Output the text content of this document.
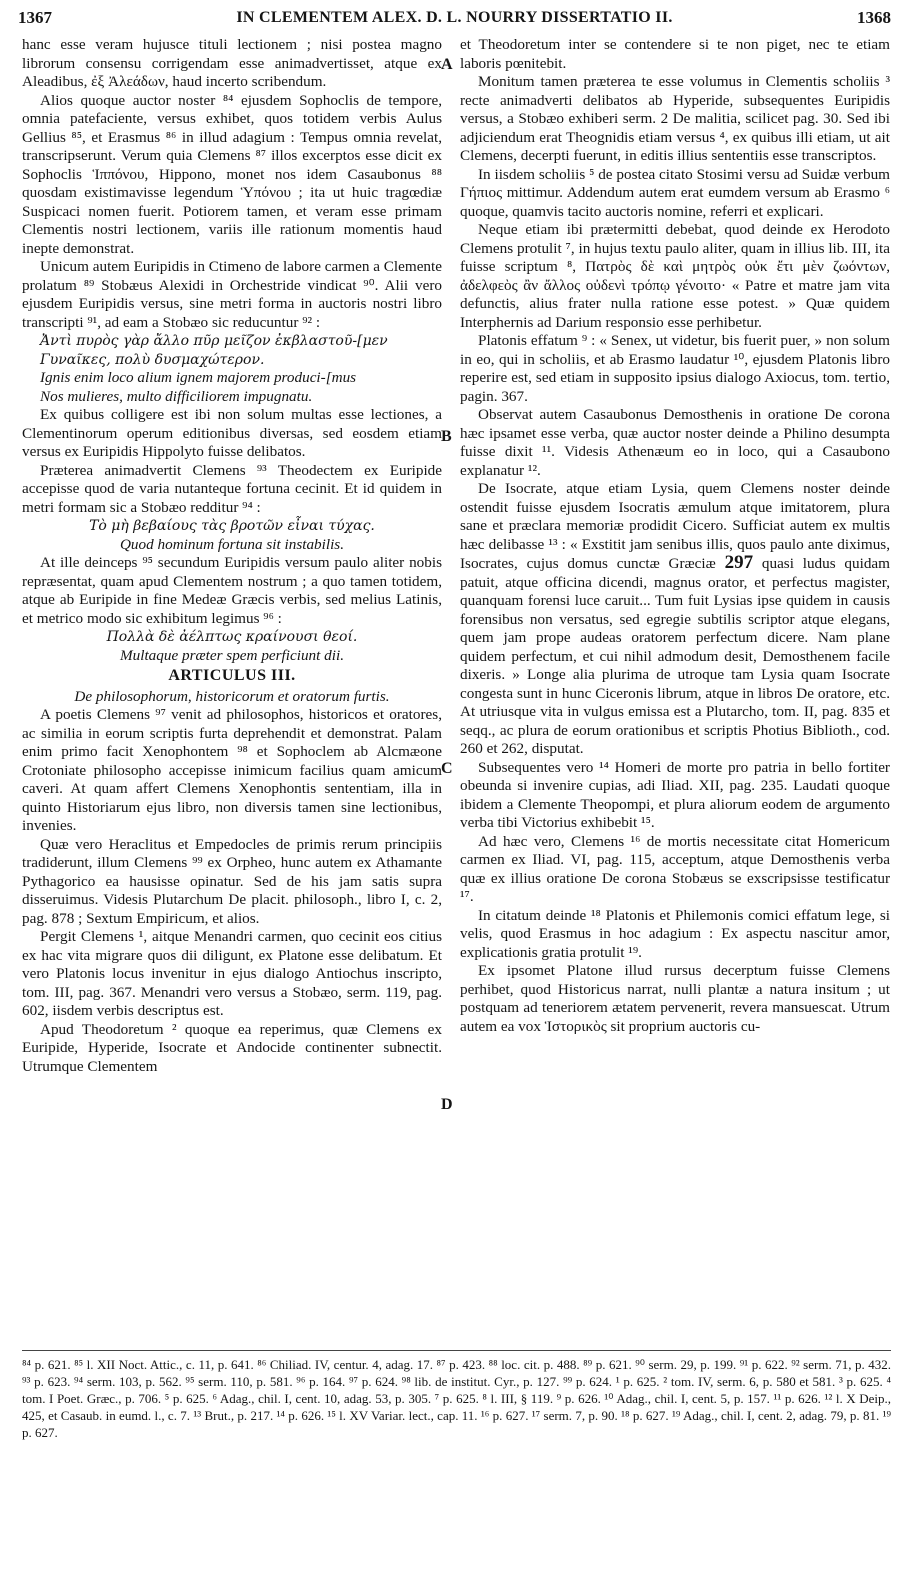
1367	IN CLEMENTEM ALEX. D. L. NOURRY DISSERTATIO II.	1368

hanc esse veram hujusce tituli lectionem ; nisi postea magno librorum consensu corrigendam esse animadvertisset, atque ex Aleadibus, ἐξ Ἀλεάδων, haud incerto scribendum.

Alios quoque auctor noster ⁸⁴ ejusdem Sophoclis de tempore, omnia patefaciente, versus exhibet, quos totidem verbis Aulus Gellius ⁸⁵, et Erasmus ⁸⁶ in illud adagium : Tempus omnia revelat, transcripserunt. Verum quia Clemens ⁸⁷ illos excerptos esse dicit ex Sophoclis Ἱππόνου, Hippono, monet nos idem Casaubonus ⁸⁸ quosdam existimavisse legendum Ὑπόνου ; ita ut huic tragœdiæ Suspicaci nomen fuerit. Potiorem tamen, et veram esse primam Clementis nostri lectionem, variis ille rationum momentis haud inepte demonstrat.

Unicum autem Euripidis in Ctimeno de labore carmen a Clemente prolatum ⁸⁹ Stobæus Alexidi in Orchestride vindicat ⁹⁰. Alii vero ejusdem Euripidis versus, sine metri forma in auctoris nostri libro transcripti ⁹¹, ad eam a Stobæo sic reducuntur ⁹² :

Ἀντὶ πυρὸς γὰρ ἄλλο πῦρ μεῖζον ἐκβλαστοῦ-[μεν

Γυναῖκες, πολὺ δυσμαχώτερον.

Ignis enim loco alium ignem majorem produci-[mus

Nos mulieres, multo difficiliorem impugnatu.

Ex quibus colligere est ibi non solum multas esse lectiones, a Clementinorum operum editionibus diversas, sed eosdem etiam versus ex Euripidis Hippolyto fuisse delibatos.

Præterea animadvertit Clemens ⁹³ Theodectem ex Euripide accepisse quod de varia nutanteque fortuna cecinit. Et id quidem in metri formam sic a Stobæo redditur ⁹⁴ :

Τὸ μὴ βεβαίους τὰς βροτῶν εἶναι τύχας.

Quod hominum fortuna sit instabilis.

At ille deinceps ⁹⁵ secundum Euripidis versum paulo aliter nobis repræsentat, quam apud Clementem nostrum ; a quo tamen totidem, atque ab Euripide in fine Medeæ Græcis verbis, sed melius Latinis, et metrico modo sic exhibitum legimus ⁹⁶ :

Πολλὰ δὲ ἀέλπτως κραίνουσι θεοί.

Multaque præter spem perficiunt dii.

ARTICULUS III.

De philosophorum, historicorum et oratorum furtis.

A poetis Clemens ⁹⁷ venit ad philosophos, historicos et oratores, ac similia in eorum scriptis furta deprehendit et demonstrat. Palam enim primo facit Xenophontem ⁹⁸ et Sophoclem ab Alcmæone Crotoniate philosopho accepisse inimicum facilius quam amicum caveri. At quam affert Clemens Xenophontis sententiam, illa in quinto Historiarum ejus libro, non diversis tamen sine lectionibus, invenies.

Quæ vero Heraclitus et Empedocles de primis rerum principiis tradiderunt, illum Clemens ⁹⁹ ex Orpheo, hunc autem ex Athamante Pythagorico ea hausisse opinatur. Sed de his jam satis supra disseruimus. Videsis Plutarchum De placit. philosoph., libro I, c. 2, pag. 878 ; Sextum Empiricum, et alios.

Pergit Clemens ¹, aitque Menandri carmen, quo cecinit eos citius ex hac vita migrare quos dii diligunt, ex Platone esse delibatum. Et vero Platonis locus invenitur in ejus dialogo Antiochus inscripto, tom. III, pag. 367. Menandri vero versus a Stobæo, serm. 119, pag. 602, iisdem verbis descriptus est.

Apud Theodoretum ² quoque ea reperimus, quæ Clemens ex Euripide, Hyperide, Isocrate et Andocide continenter subnectit. Utrumque Clementem

A
B
C
D

et Theodoretum inter se contendere si te non piget, nec te etiam laboris pœnitebit.

Monitum tamen præterea te esse volumus in Clementis scholiis ³ recte animadverti delibatos ab Hyperide, subsequentes Euripidis versus, a Stobæo exhiberi serm. 2 De malitia, scilicet pag. 30. Sed ibi adjiciendum erat Theognidis etiam versus ⁴, ex quibus illi etiam, ut ait Clemens, decerpti fuerunt, in editis illius sententiis esse transcriptos.

In iisdem scholiis ⁵ de postea citato Stosimi versu ad Suidæ verbum Γήπιος mittimur. Addendum autem erat eumdem versum ab Erasmo ⁶ quoque, quamvis tacito auctoris nomine, referri et explicari.

Neque etiam ibi prætermitti debebat, quod deinde ex Herodoto Clemens protulit ⁷, in hujus textu paulo aliter, quam in illius lib. III, ita fuisse scriptum ⁸, Πατρὸς δὲ καὶ μητρὸς οὐκ ἔτι μὲν ζωόντων, ἀδελφεὸς ἂν ἄλλος οὐδενὶ τρόπῳ γένοιτο· « Patre et matre jam vita defunctis, alius frater nulla ratione esse potest. » Quæ quidem Interphernis ad Darium responsio esse perhibetur.

Platonis effatum ⁹ : « Senex, ut videtur, bis fuerit puer, » non solum in eo, qui in scholiis, et ab Erasmo laudatur ¹⁰, ejusdem Platonis libro reperire est, sed etiam in supposito ipsius dialogo Axiocus, tom. tertio, pagin. 367.

Observat autem Casaubonus Demosthenis in oratione De corona hæc ipsamet esse verba, quæ auctor noster deinde a Philino desumpta fuisse dixit ¹¹. Videsis Athenæum eo in loco, qui a Casaubono explanatur ¹².

De Isocrate, atque etiam Lysia, quem Clemens noster deinde ostendit fuisse ejusdem Isocratis æmulum atque imitatorem, plura sane et præclara memoriæ prodidit Cicero. Sufficiat autem ex multis hæc delibasse ¹³ : « Exstitit jam senibus illis, quos paulo ante diximus, Isocrates, cujus domus cunctæ Græciæ 297 quasi ludus quidam patuit, atque officina dicendi, magnus orator, et perfectus magister, quanquam forensi luce caruit... Tum fuit Lysias ipse quidem in causis forensibus non versatus, sed egregie subtilis scriptor atque elegans, quem jam prope audeas oratorem perfectum dicere. Nam plane quidem perfectum, et cui nihil admodum desit, Demosthenem facile dixeris. » Longe alia plurima de utroque tam Lysia quam Isocrate congesta sunt in hunc Ciceronis librum, atque in libros De oratore, etc. At utriusque vita in vulgus emissa est a Plutarcho, tom. II, pag. 835 et seqq., ac plura de eorum orationibus et scriptis Photius Biblioth., cod. 260 et 262, disputat.

Subsequentes vero ¹⁴ Homeri de morte pro patria in bello fortiter obeunda si invenire cupias, adi Iliad. XII, pag. 235. Laudati quoque ibidem a Clemente Theopompi, et plura aliorum eodem de argumento verba tibi Victorius exhibebit ¹⁵.

Ad hæc vero, Clemens ¹⁶ de mortis necessitate citat Homericum carmen ex Iliad. VI, pag. 115, acceptum, atque Demosthenis verba quæ ex illius oratione De corona Stobæus se exscripsisse testificatur ¹⁷.

In citatum deinde ¹⁸ Platonis et Philemonis comici effatum lege, si velis, quod Erasmus in hoc adagium : Ex aspectu nascitur amor, explicationis gratia protulit ¹⁹.

Ex ipsomet Platone illud rursus decerptum fuisse Clemens perhibet, quod Historicus narrat, nulli plantæ a natura insitum ; ut postquam ad teneriorem ætatem pervenerit, revera mansuescat. Utrum autem ea vox Ἱστορικὸς sit proprium auctoris cu-

⁸⁴ p. 621. ⁸⁵ l. XII Noct. Attic., c. 11, p. 641. ⁸⁶ Chiliad. IV, centur. 4, adag. 17. ⁸⁷ p. 423. ⁸⁸ loc. cit. p. 488. ⁸⁹ p. 621. ⁹⁰ serm. 29, p. 199. ⁹¹ p. 622. ⁹² serm. 71, p. 432. ⁹³ p. 623. ⁹⁴ serm. 103, p. 562. ⁹⁵ serm. 110, p. 581. ⁹⁶ p. 164. ⁹⁷ p. 624. ⁹⁸ lib. de institut. Cyr., p. 127. ⁹⁹ p. 624. ¹ p. 625. ² tom. IV, serm. 6, p. 580 et 581. ³ p. 625. ⁴ tom. I Poet. Græc., p. 706. ⁵ p. 625. ⁶ Adag., chil. I, cent. 10, adag. 53, p. 305. ⁷ p. 625. ⁸ l. III, § 119. ⁹ p. 626. ¹⁰ Adag., chil. I, cent. 5, p. 157. ¹¹ p. 626. ¹² l. X Deip., 425, et Casaub. in eumd. l., c. 7. ¹³ Brut., p. 217. ¹⁴ p. 626. ¹⁵ l. XV Variar. lect., cap. 11. ¹⁶ p. 627. ¹⁷ serm. 7, p. 90. ¹⁸ p. 627. ¹⁹ Adag., chil. I, cent. 2, adag. 79, p. 81. ¹⁹ p. 627.
